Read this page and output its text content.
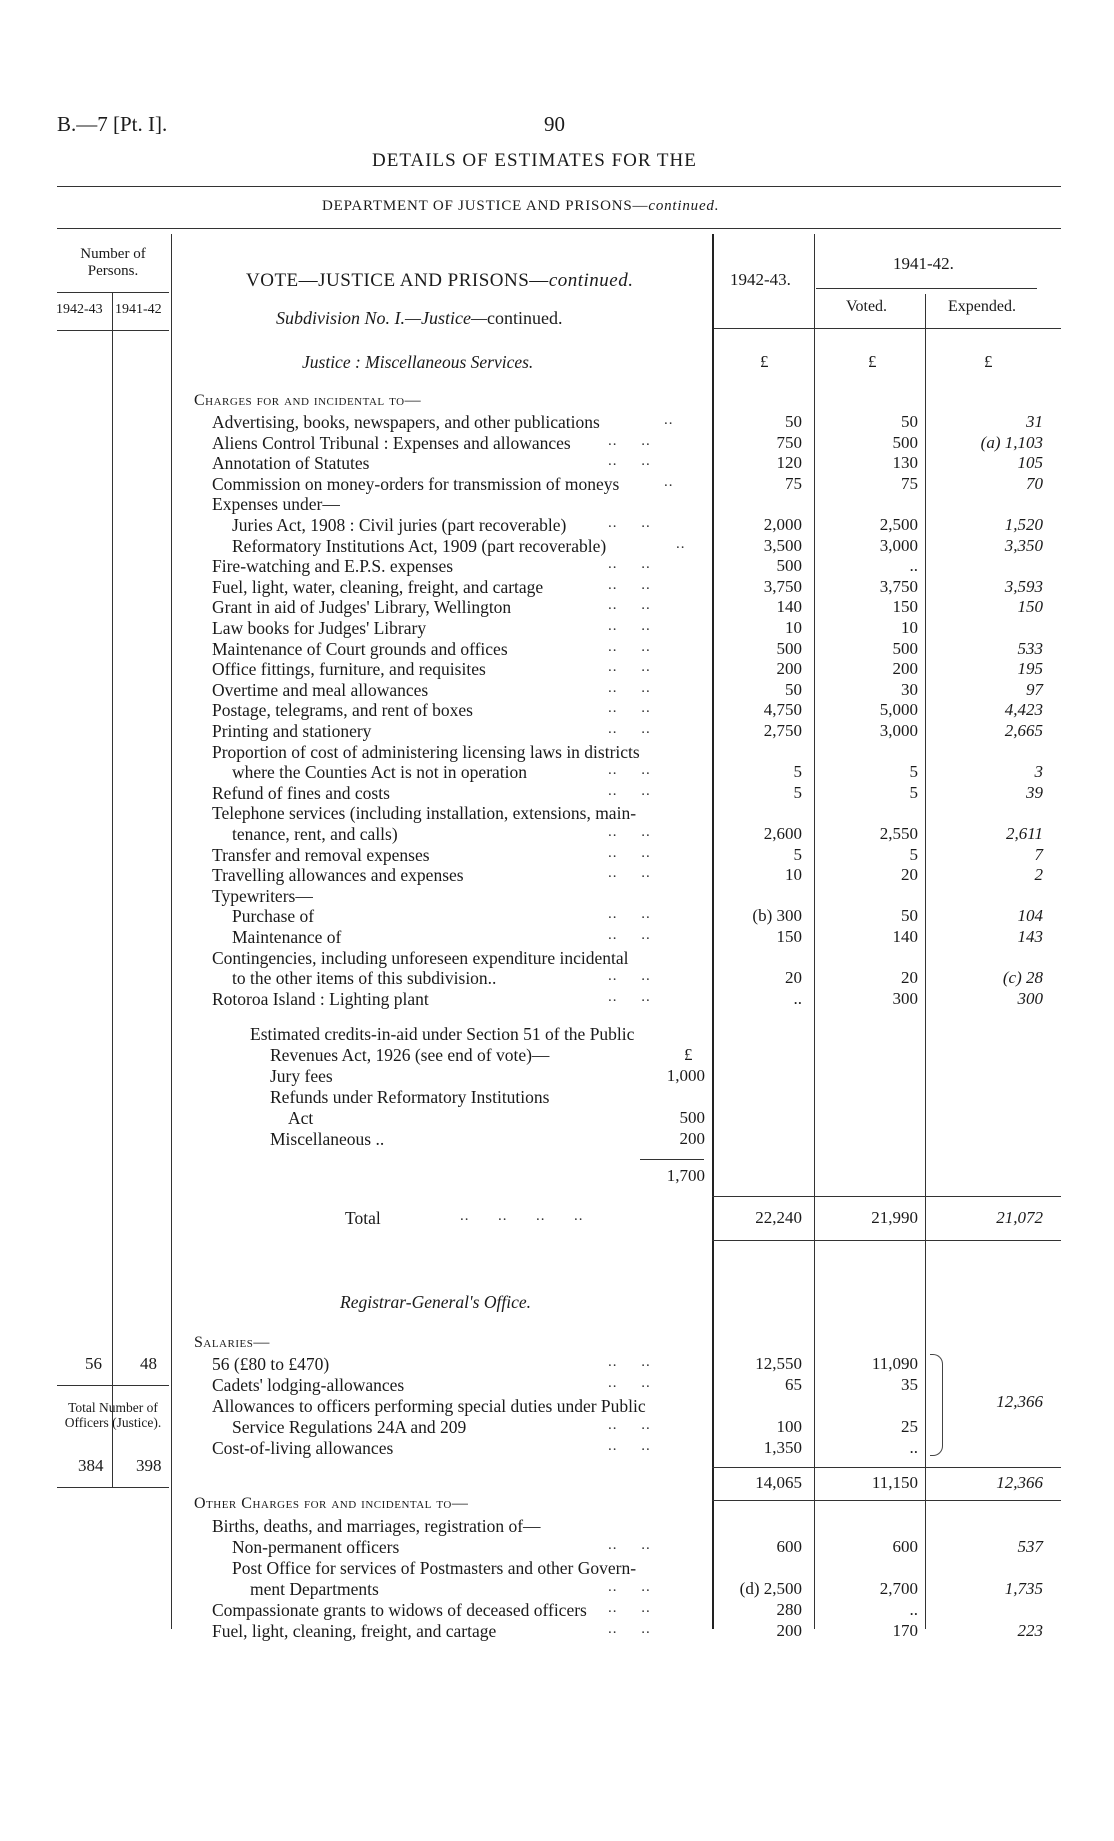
B.—7 [Pt. I].	90
DETAILS OF ESTIMATES FOR THE
DEPARTMENT OF JUSTICE AND PRISONS—continued.
Number of Persons.
1942-43 1941-42
VOTE—JUSTICE AND PRISONS—continued.
Subdivision No. I.—Justice—continued.
1942-43.
1941-42.
Voted.	Expended.
Justice : Miscellaneous Services.	£	£	£
Charges for and incidental to—
Advertising, books, newspapers, and other publications	..	50	50	31
Aliens Control Tribunal : Expenses and allowances ..     ..	750	500	(a) 1,103
Annotation of Statutes	..     ..	120	130	105
Commission on money-orders for transmission of moneys	..	75	75	70
Expenses under—
Juries Act, 1908 : Civil juries (part recoverable)	..     ..	2,000	2,500	1,520
Reformatory Institutions Act, 1909 (part recoverable)	..	3,500	3,000	3,350
Fire-watching and E.P.S. expenses	..     ..	500	..
Fuel, light, water, cleaning, freight, and cartage	..     ..	3,750	3,750	3,593
Grant in aid of Judges' Library, Wellington	..     ..	140	150	150
Law books for Judges' Library	..     ..	10	10
Maintenance of Court grounds and offices	..     ..	500	500	533
Office fittings, furniture, and requisites	..     ..	200	200	195
Overtime and meal allowances	..     ..	50	30	97
Postage, telegrams, and rent of boxes	..     ..	4,750	5,000	4,423
Printing and stationery	..     ..	2,750	3,000	2,665
Proportion of cost of administering licensing laws in districts
where the Counties Act is not in operation	..     ..	5	5	3
Refund of fines and costs	..     ..	5	5	39
Telephone services (including installation, extensions, main-
tenance, rent, and calls)	..     ..	2,600	2,550	2,611
Transfer and removal expenses	..     ..	5	5	7
Travelling allowances and expenses	..     ..	10	20	2
Typewriters—
Purchase of	..     ..	(b) 300	50	104
Maintenance of	..     ..	150	140	143
Contingencies, including unforeseen expenditure incidental
to the other items of this subdivision..	..     ..	20	20	(c) 28
Rotoroa Island : Lighting plant	..     ..	..	300	300
Estimated credits-in-aid under Section 51 of the Public
Revenues Act, 1926 (see end of vote)—	£
Jury fees	1,000
Refunds under Reformatory Institutions
Act	500
Miscellaneous ..	200
1,700
Total	..      ..      ..      ..	22,240	21,990	21,072
Registrar-General's Office.
Salaries—
56 48
Total Number of Officers (Justice).
384 398
56 (£80 to £470)	..     ..	12,550	11,090
Cadets' lodging-allowances	..     ..	65	35
Allowances to officers performing special duties under Public
Service Regulations 24A and 209	..     ..	100	25
Cost-of-living allowances	..     ..	1,350	..
12,366
14,065	11,150	12,366
Other Charges for and incidental to—
Births, deaths, and marriages, registration of—
Non-permanent officers	..     ..	600	600	537
Post Office for services of Postmasters and other Govern-
ment Departments	..     ..	(d) 2,500	2,700	1,735
Compassionate grants to widows of deceased officers ..     ..	280	..
Fuel, light, cleaning, freight, and cartage	..     ..	200	170	223
